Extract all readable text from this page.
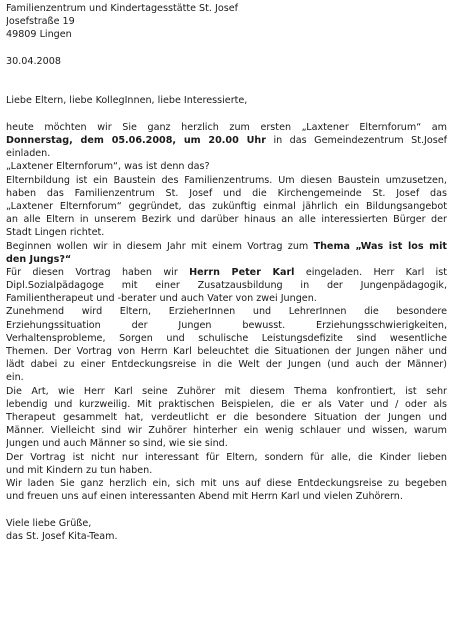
Familienzentrum und Kindertagesstätte St. Josef
Josefstraße 19
49809 Lingen
30.04.2008
Liebe Eltern, liebe KollegInnen, liebe Interessierte,
heute möchten wir Sie ganz herzlich zum ersten „Laxtener Elternforum“ am
Donnerstag, dem 05.06.2008, um 20.00 Uhr in das Gemeindezentrum St.Josef
einladen.
„Laxtener Elternforum“, was ist denn das?
Elternbildung ist ein Baustein des Familienzentrums. Um diesen Baustein umzusetzen,
haben das Familienzentrum St. Josef und die Kirchengemeinde St. Josef das
„Laxtener Elternforum“ gegründet, das zukünftig einmal jährlich ein Bildungsangebot
an alle Eltern in unserem Bezirk und darüber hinaus an alle interessierten Bürger der
Stadt Lingen richtet.
Beginnen wollen wir in diesem Jahr mit einem Vortrag zum Thema „Was ist los mit
den Jungs?“
Für diesen Vortrag haben wir Herrn Peter Karl eingeladen. Herr Karl ist
Dipl.Sozialpädagoge mit einer Zusatzausbildung in der Jungenpädagogik,
Familientherapeut und -berater und auch Vater von zwei Jungen.
Zunehmend wird Eltern, ErzieherInnen und LehrerInnen die besondere
Erziehungssituation der Jungen bewusst. Erziehungsschwierigkeiten,
Verhaltensprobleme, Sorgen und schulische Leistungsdefizite sind wesentliche
Themen. Der Vortrag von Herrn Karl beleuchtet die Situationen der Jungen näher und
lädt dabei zu einer Entdeckungsreise in die Welt der Jungen (und auch der Männer)
ein.
Die Art, wie Herr Karl seine Zuhörer mit diesem Thema konfrontiert, ist sehr
lebendig und kurzweilig. Mit praktischen Beispielen, die er als Vater und / oder als
Therapeut gesammelt hat, verdeutlicht er die besondere Situation der Jungen und
Männer. Vielleicht sind wir Zuhörer hinterher ein wenig schlauer und wissen, warum
Jungen und auch Männer so sind, wie sie sind.
Der Vortrag ist nicht nur interessant für Eltern, sondern für alle, die Kinder lieben
und mit Kindern zu tun haben.
Wir laden Sie ganz herzlich ein, sich mit uns auf diese Entdeckungsreise zu begeben
und freuen uns auf einen interessanten Abend mit Herrn Karl und vielen Zuhörern.
Viele liebe Grüße,
das St. Josef Kita-Team.
